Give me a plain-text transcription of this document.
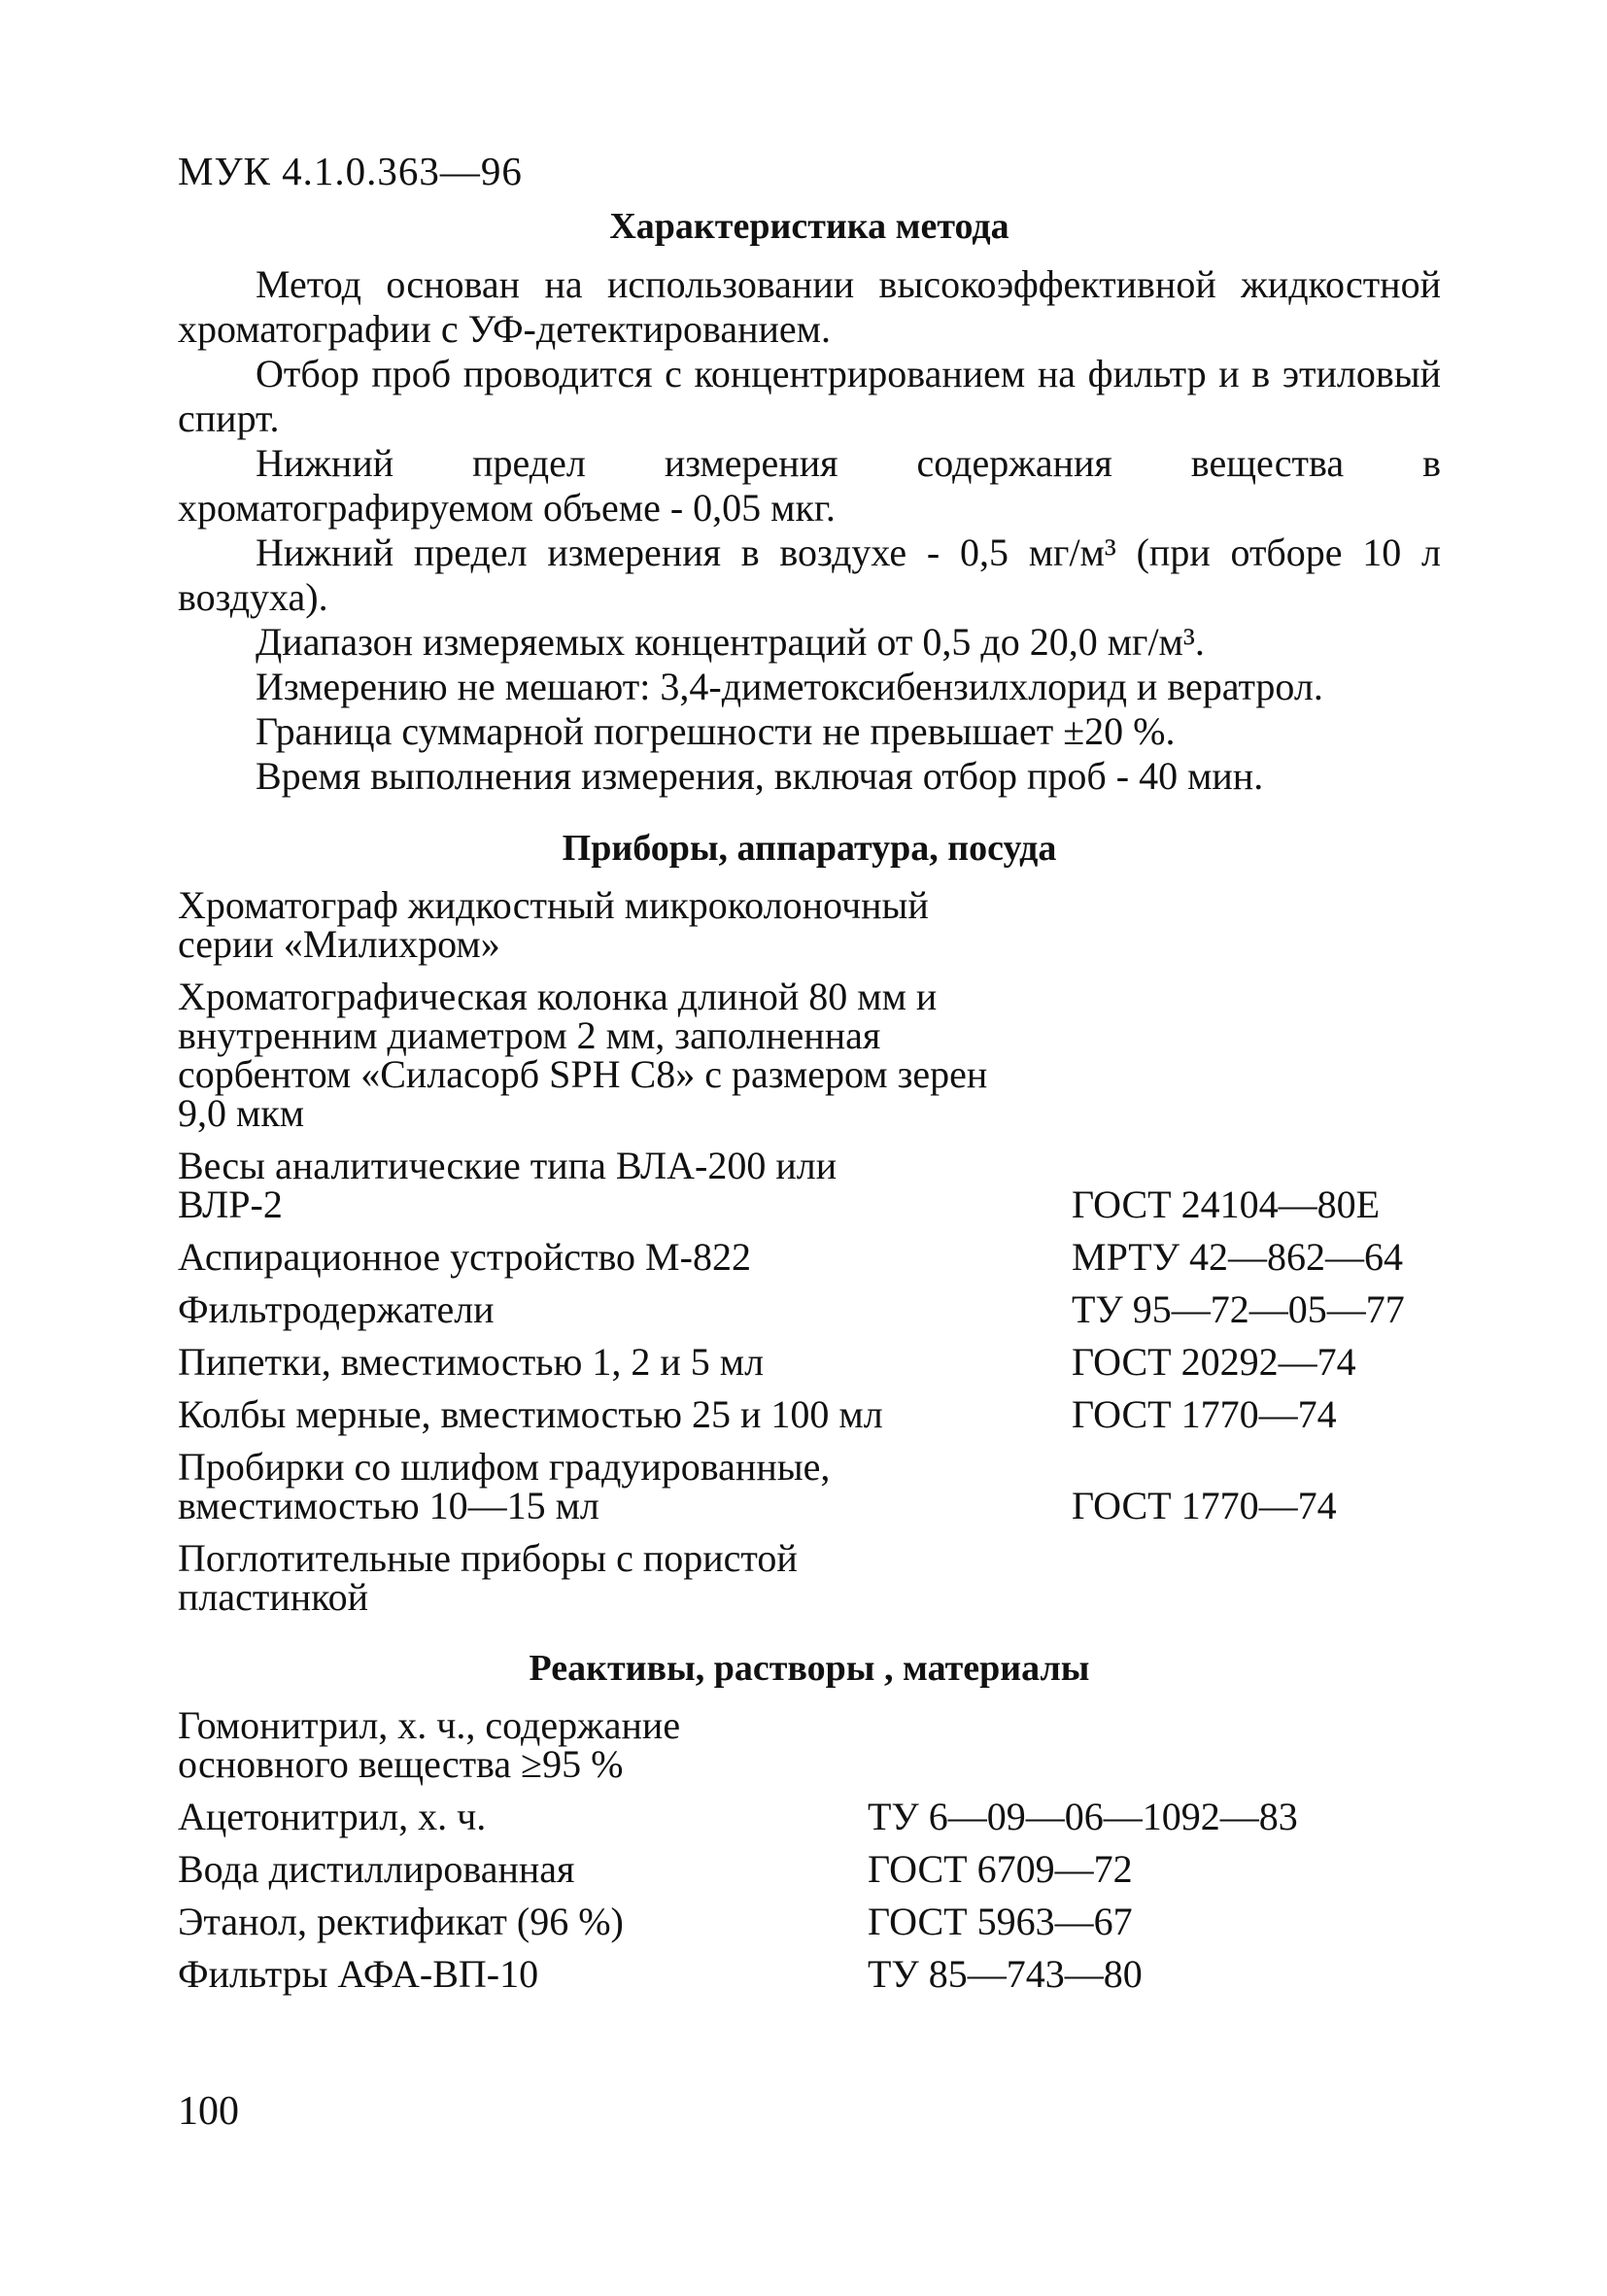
МУК 4.1.0.363—96

Характеристика метода

Метод основан на использовании высокоэффективной жидкостной хроматографии с УФ-детектированием.

Отбор проб проводится с концентрированием на фильтр и в этиловый спирт.

Нижний предел измерения содержания вещества в хроматографируемом объеме - 0,05 мкг.

Нижний предел измерения в воздухе - 0,5 мг/м³ (при отборе 10 л воздуха).

Диапазон измеряемых концентраций от 0,5 до 20,0 мг/м³.

Измерению не мешают: 3,4-диметоксибензилхлорид и вератрол.

Граница суммарной погрешности не превышает ±20 %.

Время выполнения измерения, включая отбор проб - 40 мин.

Приборы, аппаратура, посуда
Хроматограф жидкостный микроколоночный серии «Милихром»
Хроматографическая колонка длиной 80 мм и внутренним диаметром 2 мм, заполненная сорбентом «Силасорб SPH C8» с размером зерен 9,0 мкм
Весы аналитические типа ВЛА-200 или ВЛР-2	ГОСТ 24104—80Е
Аспирационное устройство М-822	МРТУ 42—862—64
Фильтродержатели	ТУ 95—72—05—77
Пипетки, вместимостью 1, 2 и 5 мл	ГОСТ 20292—74
Колбы мерные, вместимостью 25 и 100 мл	ГОСТ 1770—74
Пробирки со шлифом градуированные, вместимостью 10—15 мл	ГОСТ 1770—74
Поглотительные приборы с пористой пластинкой
Реактивы, растворы , материалы
Гомонитрил, х. ч., содержание основного вещества ≥95 %
Ацетонитрил, х. ч.	ТУ 6—09—06—1092—83
Вода дистиллированная	ГОСТ 6709—72
Этанол, ректификат (96 %)	ГОСТ 5963—67
Фильтры АФА-ВП-10	ТУ 85—743—80

100
